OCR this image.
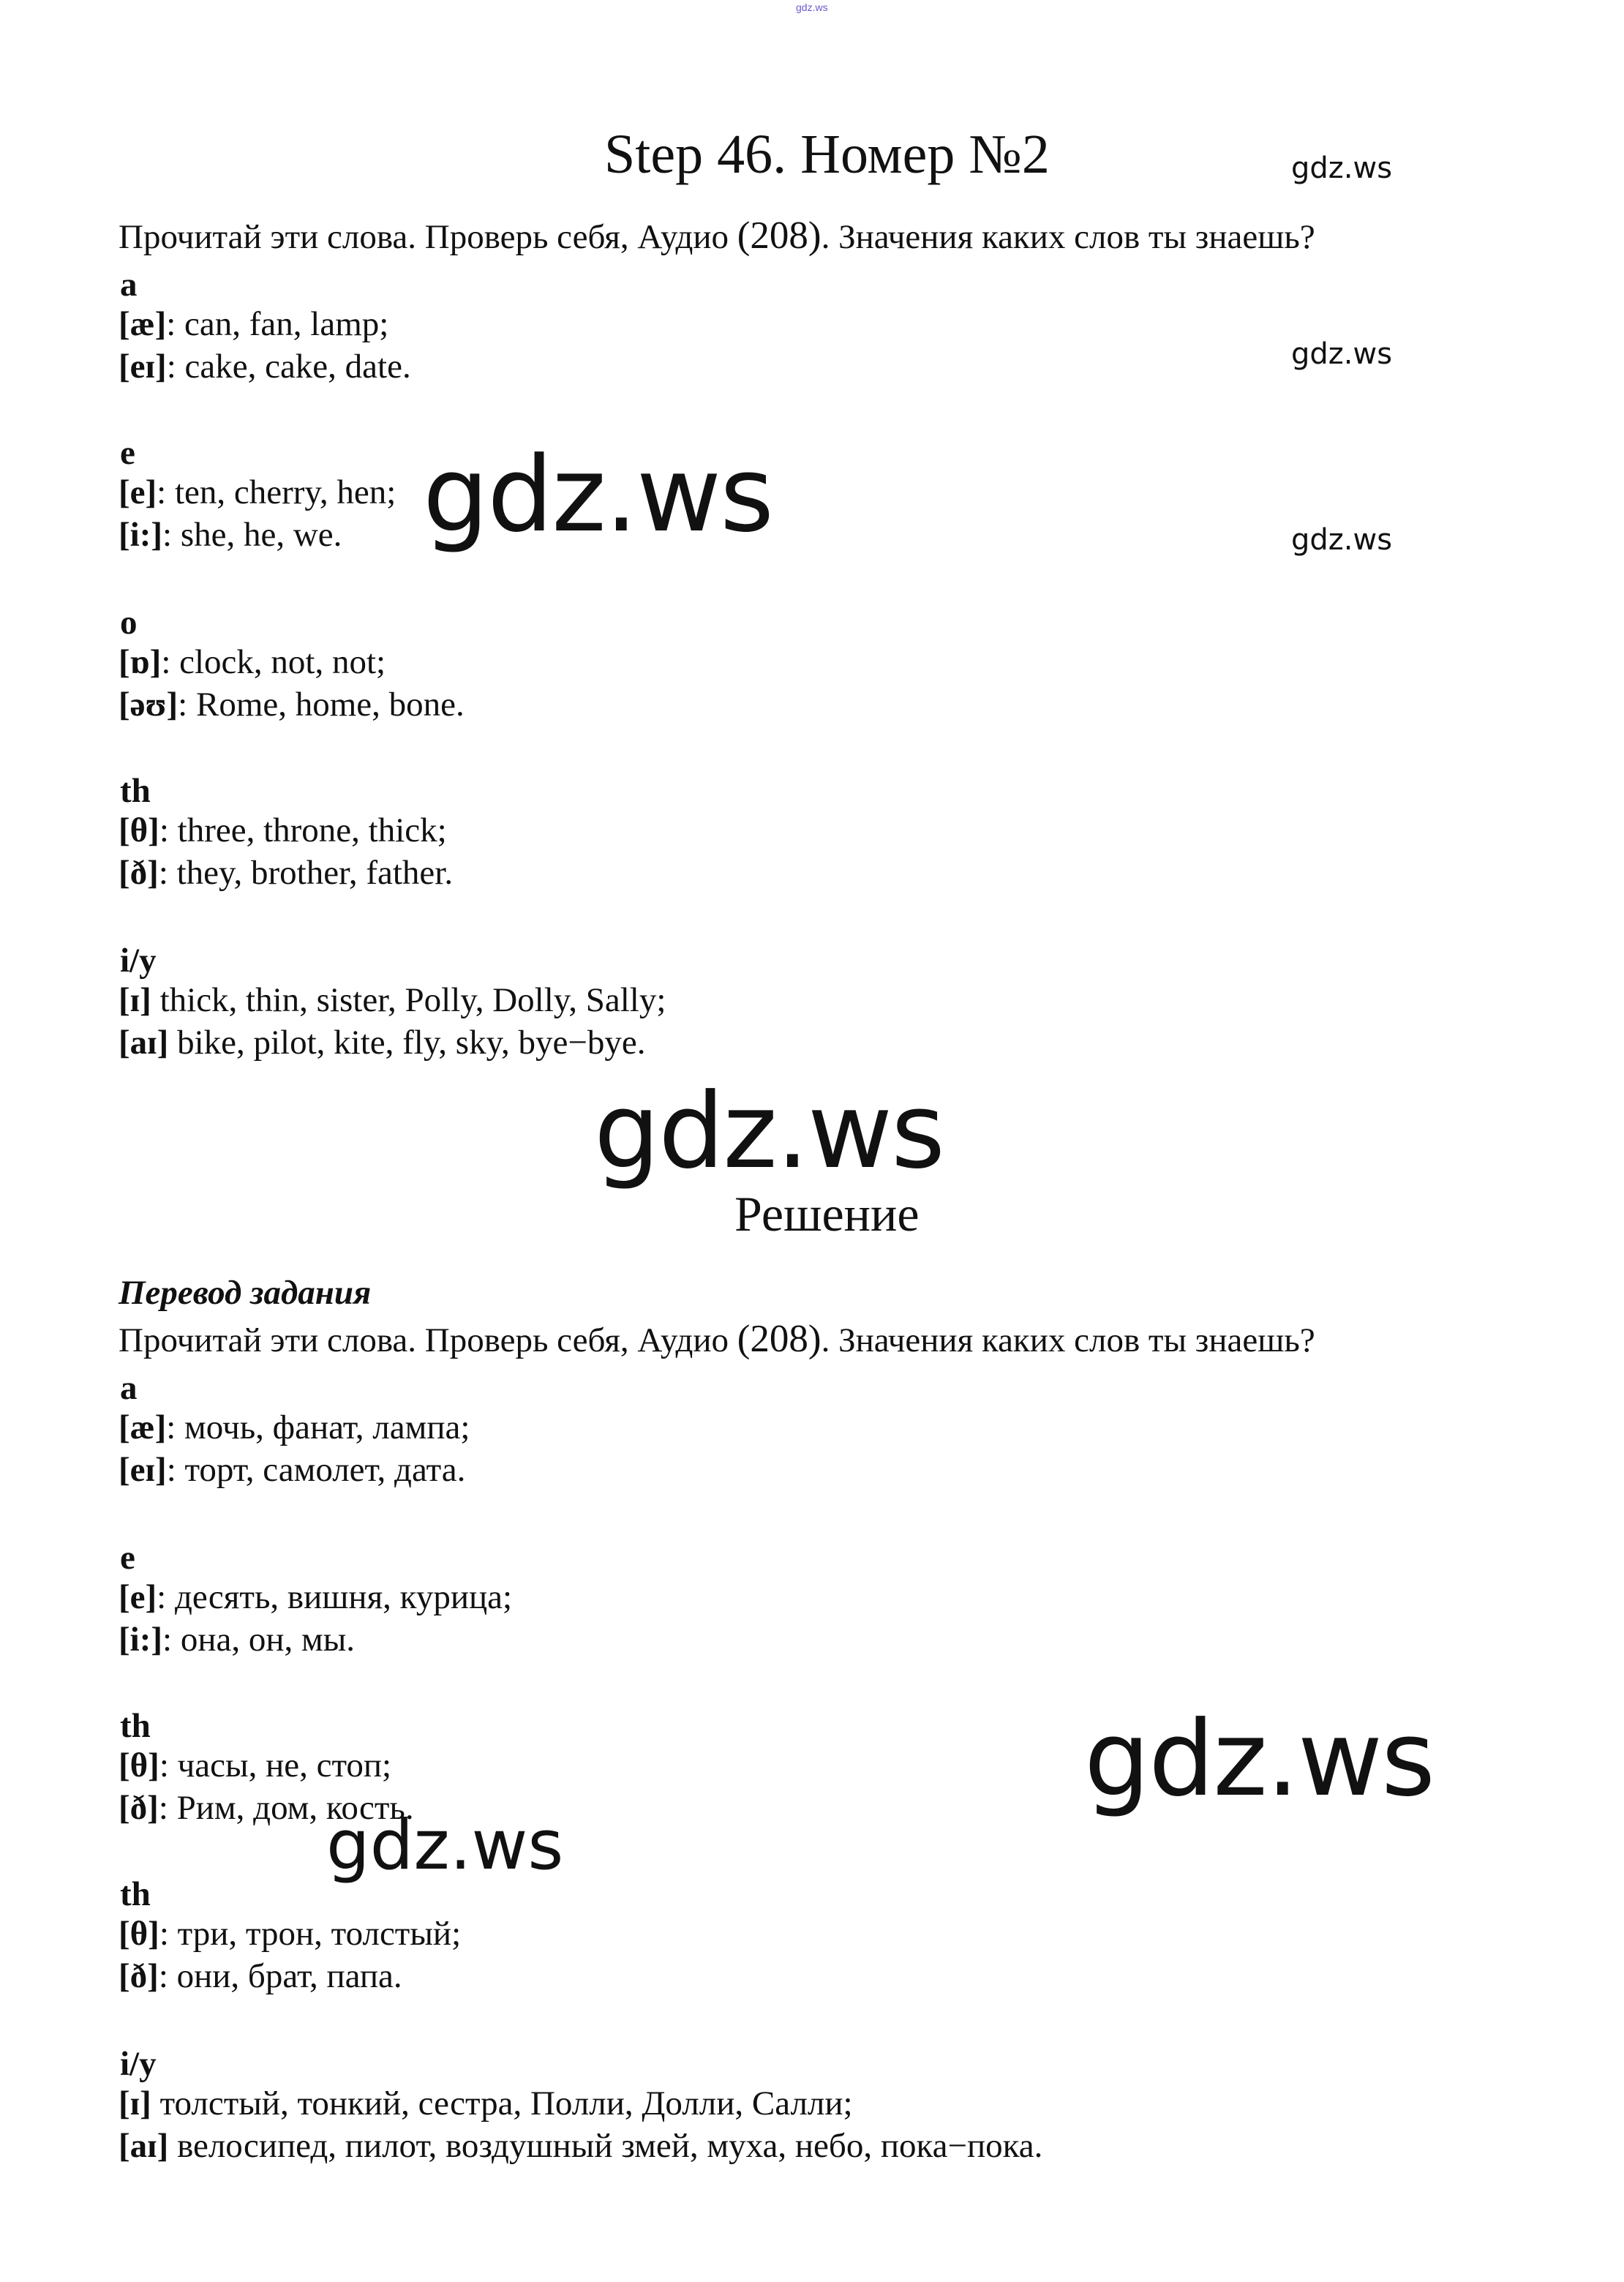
gdz.ws
Step 46. Номер №2	gdz.ws
gdz.ws
gdz.ws
gdz.ws
gdz.ws
gdz.ws
gdz.ws
Прочитай эти слова. Проверь себя, Аудио (208). Значения каких слов ты знаешь?
a
[æ]: can, fan, lamp;
[eɪ]: cake, cake, date.
e
[e]: ten, cherry, hen;
[i:]: she, he, we.
o
[ɒ]: clock, not, not;
[əʊ]: Rome, home, bone.
th
[θ]: three, throne, thick;
[ð]: they, brother, father.
i/y
[ɪ] thick, thin, sister, Polly, Dolly, Sally;
[aɪ] bike, pilot, kite, fly, sky, bye−bye.
Решение
Перевод задания
Прочитай эти слова. Проверь себя, Аудио (208). Значения каких слов ты знаешь?
a
[æ]: мочь, фанат, лампа;
[eɪ]: торт, самолет, дата.
e
[e]: десять, вишня, курица;
[i:]: она, он, мы.
th
[θ]: часы, не, стоп;
[ð]: Рим, дом, кость.
th
[θ]: три, трон, толстый;
[ð]: они, брат, папа.
i/y
[ɪ] толстый, тонкий, сестра, Полли, Долли, Салли;
[aɪ] велосипед, пилот, воздушный змей, муха, небо, пока−пока.
